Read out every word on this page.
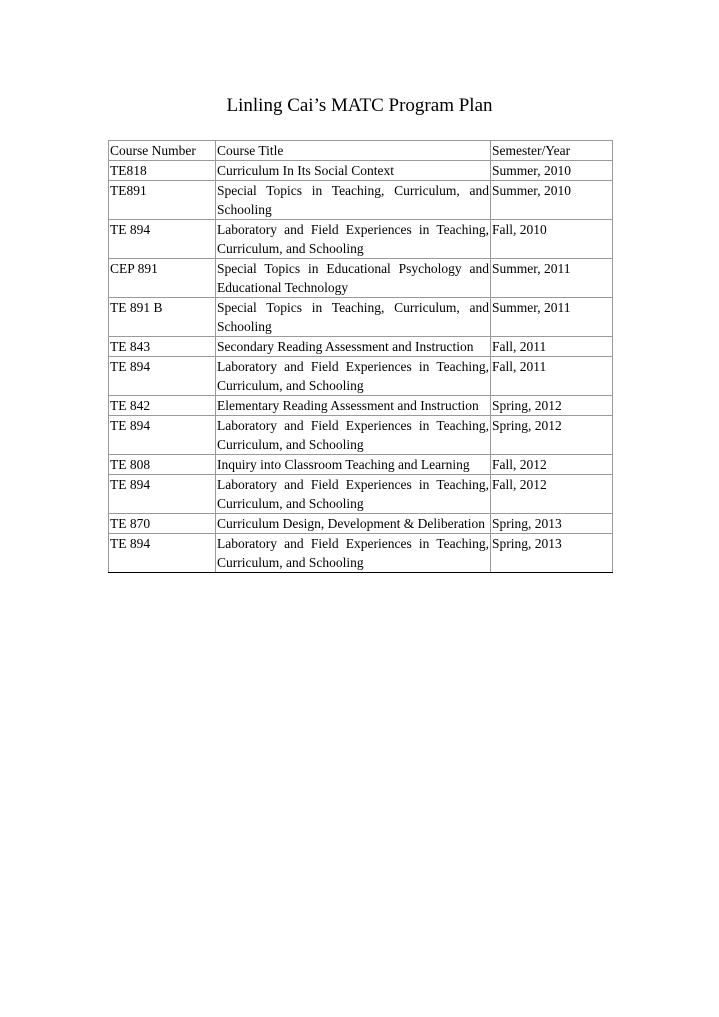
Linling Cai’s MATC Program Plan
Course Number	Course Title	Semester/Year
TE818	Curriculum In Its Social Context	Summer, 2010
TE891	Special Topics in Teaching, Curriculum, and Schooling	Summer, 2010
TE 894	Laboratory and Field Experiences in Teaching, Curriculum, and Schooling	Fall, 2010
CEP 891	Special Topics in Educational Psychology and Educational Technology	Summer, 2011
TE 891 B	Special Topics in Teaching, Curriculum, and Schooling	Summer, 2011
TE 843	Secondary Reading Assessment and Instruction	Fall, 2011
TE 894	Laboratory and Field Experiences in Teaching, Curriculum, and Schooling	Fall, 2011
TE 842	Elementary Reading Assessment and Instruction	Spring, 2012
TE 894	Laboratory and Field Experiences in Teaching, Curriculum, and Schooling	Spring, 2012
TE 808	Inquiry into Classroom Teaching and Learning	Fall, 2012
TE 894	Laboratory and Field Experiences in Teaching, Curriculum, and Schooling	Fall, 2012
TE 870	Curriculum Design, Development & Deliberation	Spring, 2013
TE 894	Laboratory and Field Experiences in Teaching, Curriculum, and Schooling	Spring, 2013
